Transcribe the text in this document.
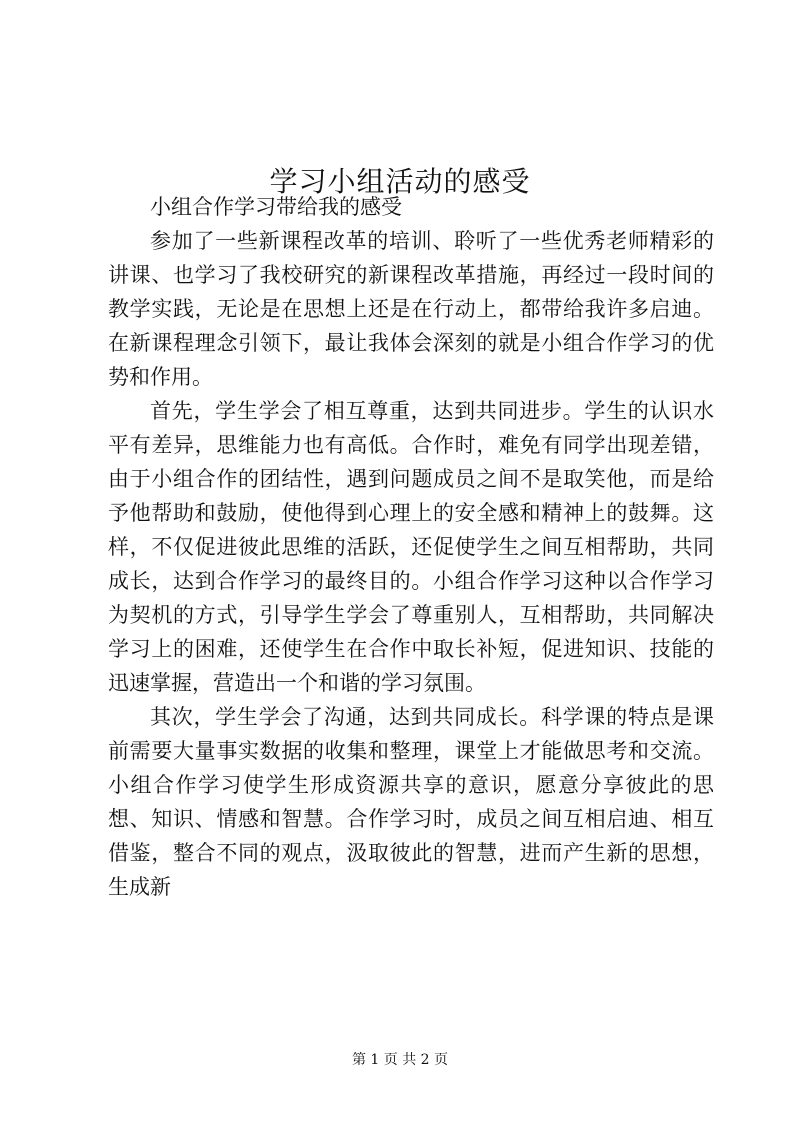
学习小组活动的感受

小组合作学习带给我的感受

参加了一些新课程改革的培训、聆听了一些优秀老师精彩的讲课、也学习了我校研究的新课程改革措施，再经过一段时间的教学实践，无论是在思想上还是在行动上，都带给我许多启迪。在新课程理念引领下，最让我体会深刻的就是小组合作学习的优势和作用。

首先，学生学会了相互尊重，达到共同进步。学生的认识水平有差异，思维能力也有高低。合作时，难免有同学出现差错，由于小组合作的团结性，遇到问题成员之间不是取笑他，而是给予他帮助和鼓励，使他得到心理上的安全感和精神上的鼓舞。这样，不仅促进彼此思维的活跃，还促使学生之间互相帮助，共同成长，达到合作学习的最终目的。小组合作学习这种以合作学习为契机的方式，引导学生学会了尊重别人，互相帮助，共同解决学习上的困难，还使学生在合作中取长补短，促进知识、技能的迅速掌握，营造出一个和谐的学习氛围。

其次，学生学会了沟通，达到共同成长。科学课的特点是课前需要大量事实数据的收集和整理，课堂上才能做思考和交流。小组合作学习使学生形成资源共享的意识，愿意分享彼此的思想、知识、情感和智慧。合作学习时，成员之间互相启迪、相互借鉴，整合不同的观点，汲取彼此的智慧，进而产生新的思想，生成新

第 1 页 共 2 页
